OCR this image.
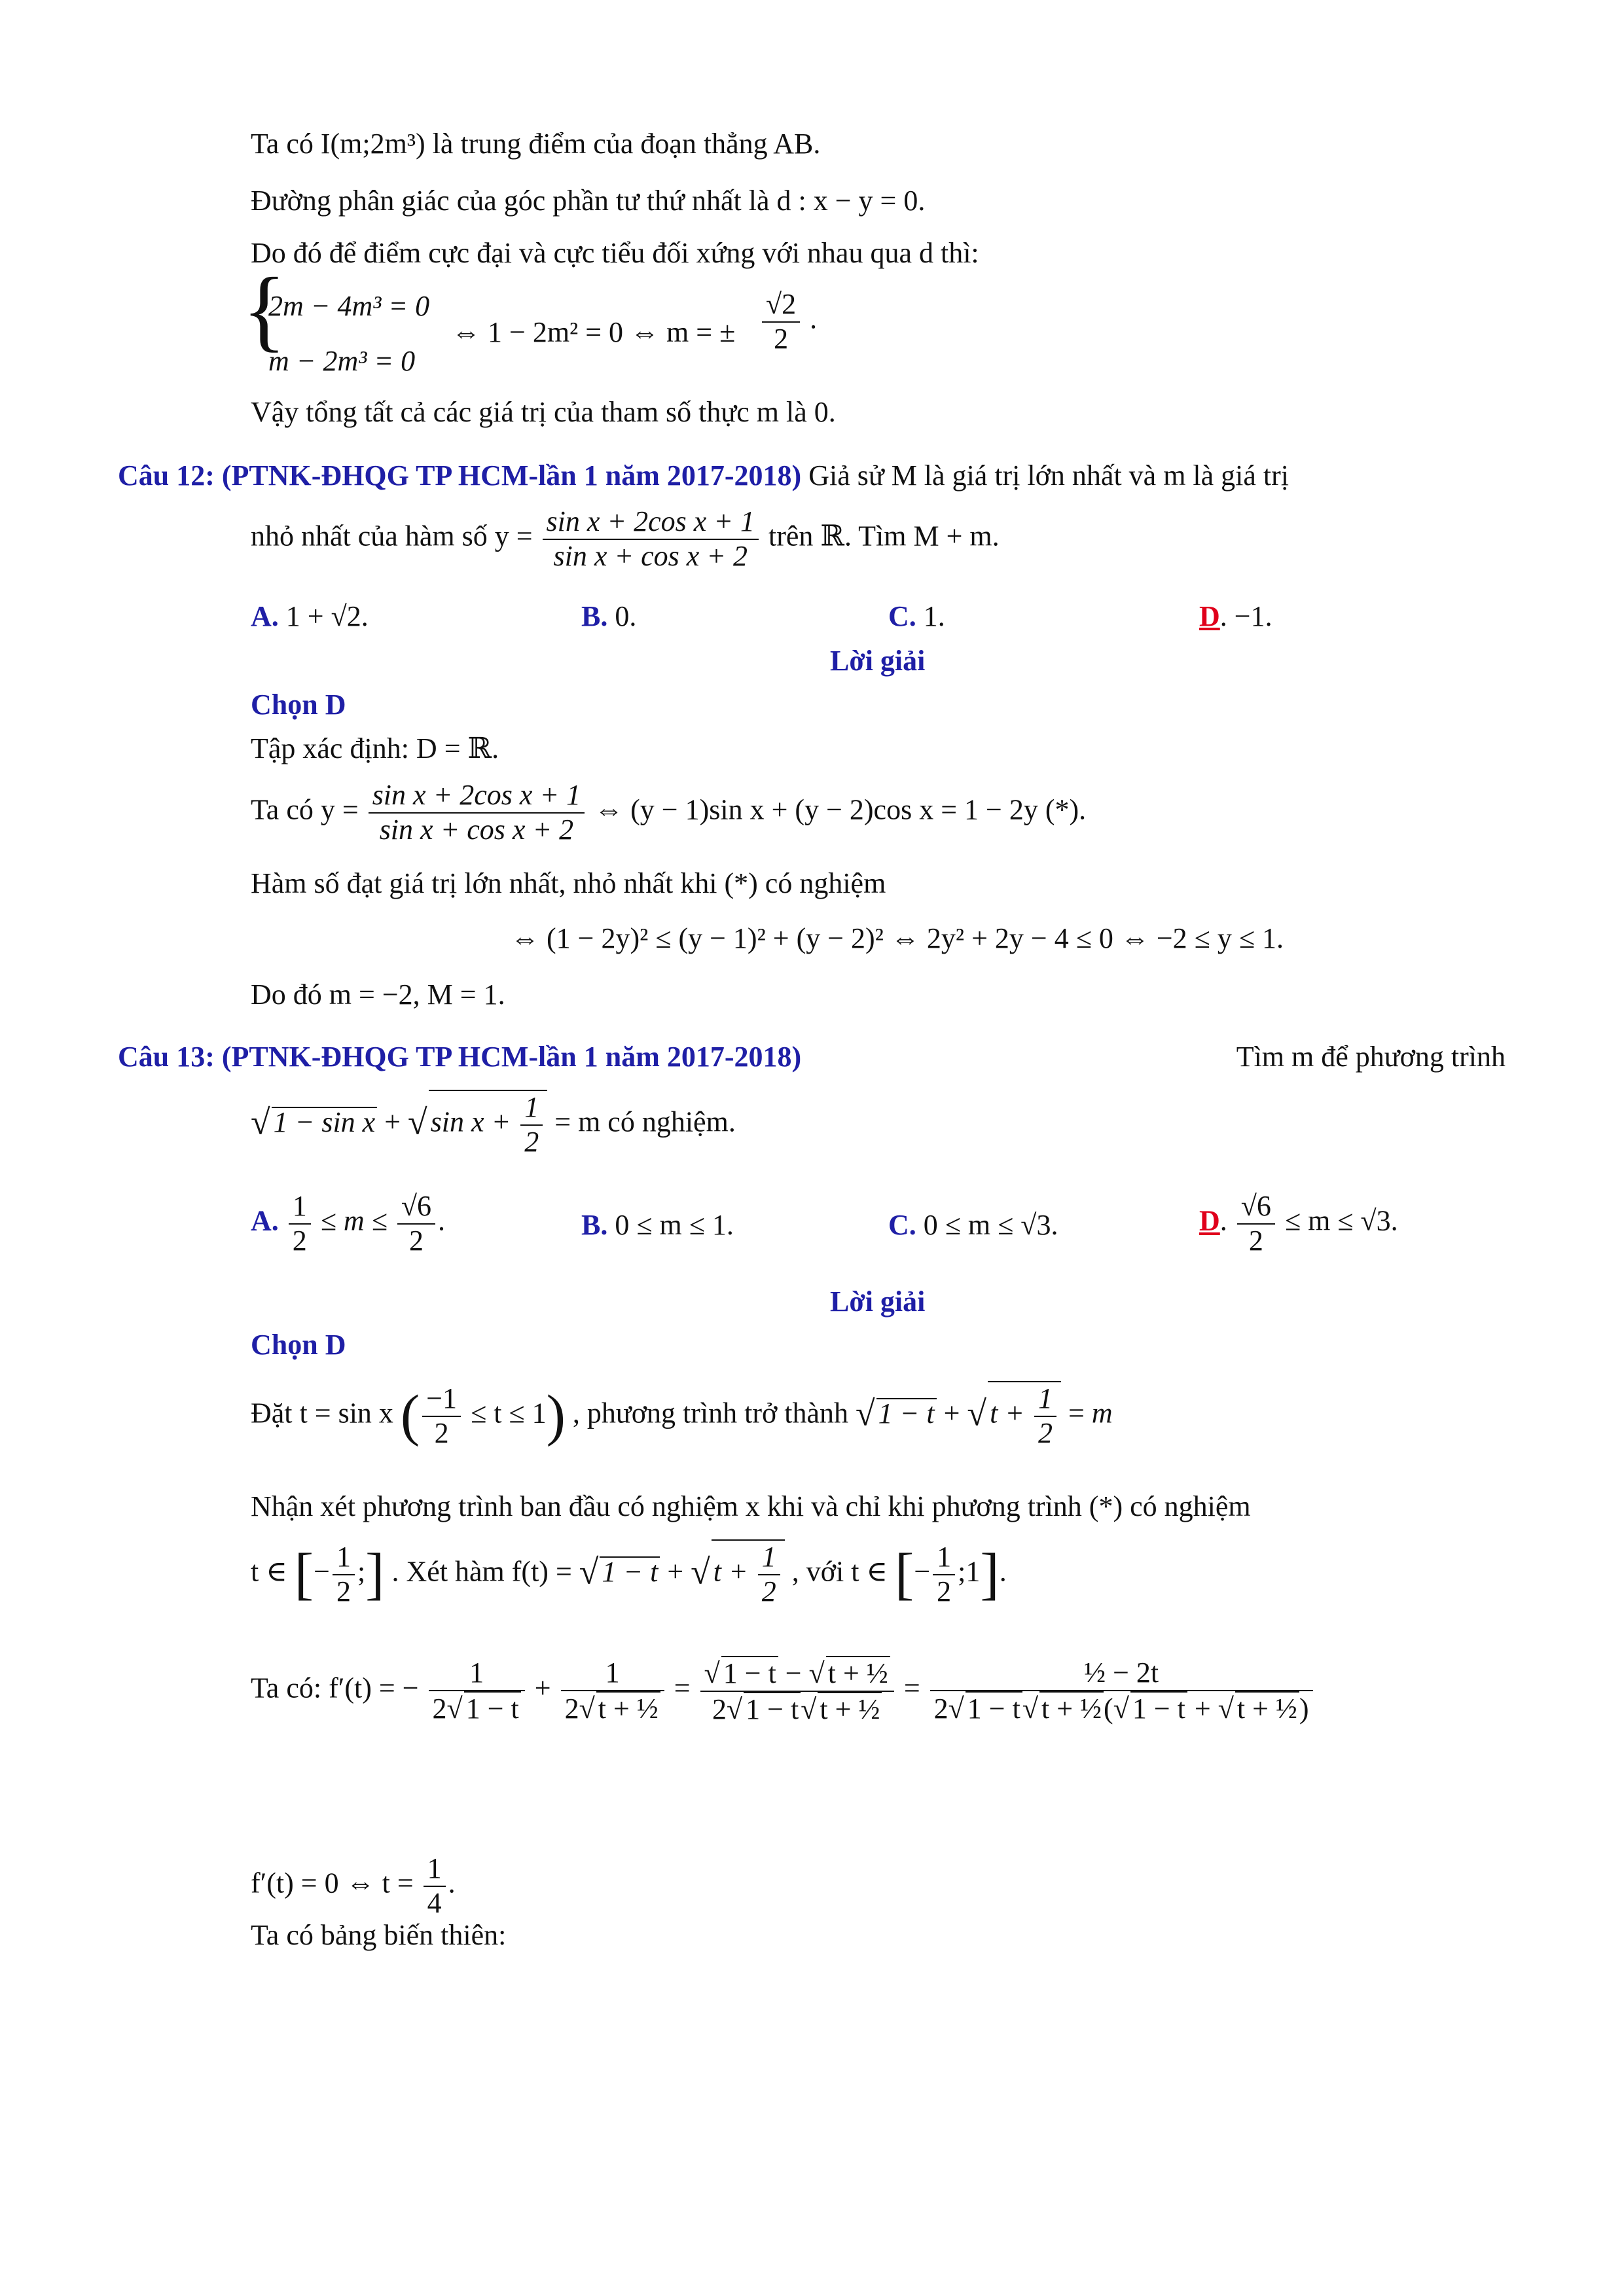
Ta có I(m;2m³) là trung điểm của đoạn thẳng AB.
Đường phân giác của góc phần tư thứ nhất là d : x − y = 0.
Do đó để điểm cực đại và cực tiểu đối xứng với nhau qua d thì:
{
2m − 4m³ = 0
m − 2m³ = 0
⇔ 1 − 2m² = 0 ⇔ m = ± $\frac{√2}{2}$ .
Vậy tổng tất cả các giá trị của tham số thực m là 0.
Câu 12: (PTNK-ĐHQG TP HCM-lần 1 năm 2017-2018) Giả sử M là giá trị lớn nhất và m là giá trị
nhỏ nhất của hàm số $y = \frac{\text{sin x + 2cos x + 1}}{\text{sin x + cos x + 2}}$ trên ℝ. Tìm M + m.
A. 1 + √2.	B. 0.	C. 1.	D. −1.
Lời giải
Chọn D
Tập xác định: D = ℝ.
Ta có $y = \frac{\text{sin x + 2cos x + 1}}{\text{sin x + cos x + 2}}$ ⇔ (y − 1)sin x + (y − 2)cos x = 1 − 2y (*).
Hàm số đạt giá trị lớn nhất, nhỏ nhất khi (*) có nghiệm
⇔ (1 − 2y)² ≤ (y − 1)² + (y − 2)² ⇔ 2y² + 2y − 4 ≤ 0 ⇔ −2 ≤ y ≤ 1.
Do đó m = −2, M = 1.
Câu 13: (PTNK-ĐHQG TP HCM-lần 1 năm 2017-2018)	Tìm m để phương trình
√ 1 − sin x + √ $\sin x + \frac{1}{2} = m$ có nghiệm.
A. $\frac{1}{2} \le m \le \frac{√6}{2}$ .	B. 0 ≤ m ≤ 1.	C. 0 ≤ m ≤ √3.	D. $\frac{√6}{2} \le m \le √3$.
Lời giải
Chọn D
Đặt t = sin x ( $\frac{-1}{2} \le t \le 1$) , phương trình trở thành √ 1 − t + √ $t + \frac{1}{2} = m$
Nhận xét phương trình ban đầu có nghiệm x khi và chỉ khi phương trình (*) có nghiệm
t ∈ [− $\frac{1}{2}$ ;] . Xét hàm f(t) = √ 1 − t + √ $t + \frac{1}{2}$ , với t ∈ [− $\frac{1}{2}$ ;1].
Ta có: f′(t) = − $\frac{1}{2√ 1 - t} + \frac{1}{\text{2√ t + ½}} = \frac{\text{√ 1 − t − √ t + ½}}{\text{2√ 1 − t√ t + ½}} = \frac{\text{½ − 2t}}{\text{2√ 1 − t√ t + ½(√ 1 − t + √ t + ½)}}$
f′(t) = 0 ⇔ $t = \frac{1}{4}$ .
Ta có bảng biến thiên:
